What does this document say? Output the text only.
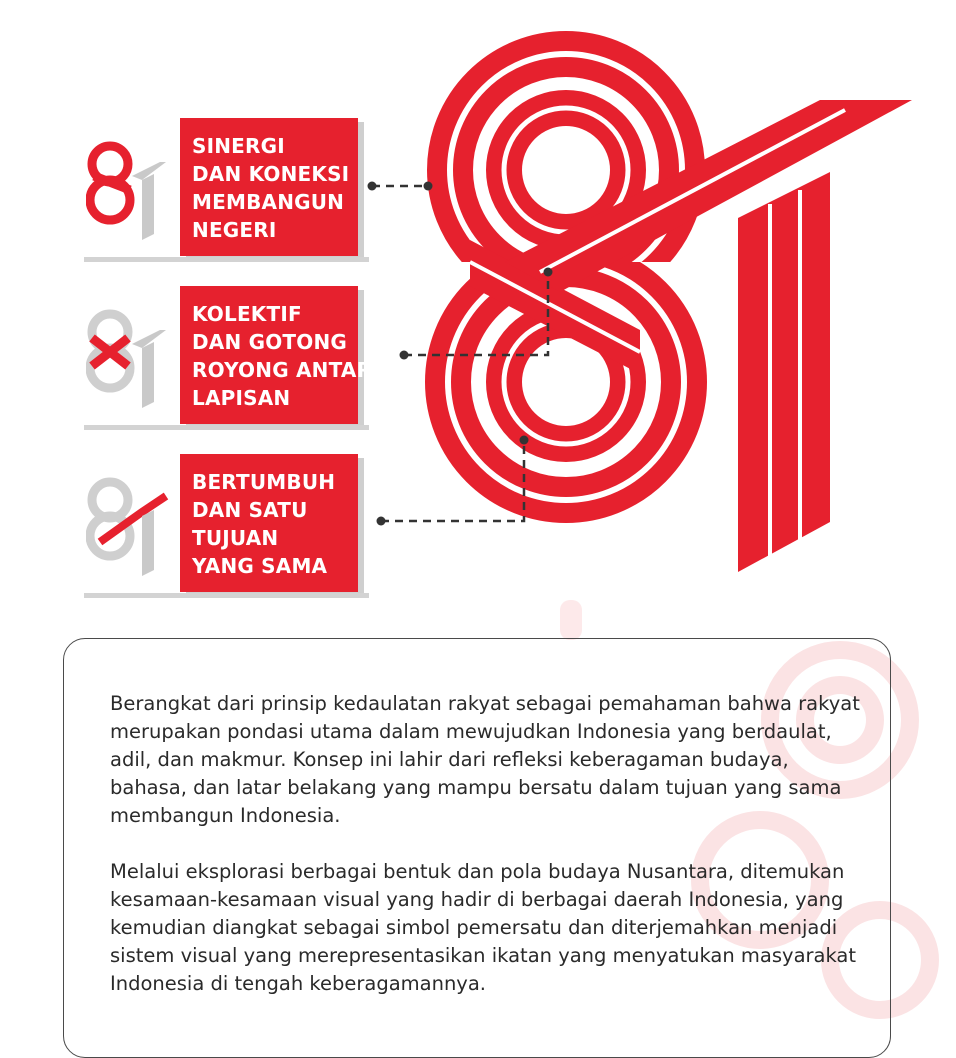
SINERGI
DAN KONEKSI
MEMBANGUN
NEGERI

KOLEKTIF
DAN GOTONG
ROYONG ANTAR
LAPISAN

BERTUMBUH
DAN SATU
TUJUAN
YANG SAMA

Berangkat dari prinsip kedaulatan rakyat sebagai pemahaman bahwa rakyat merupakan pondasi utama dalam mewujudkan Indonesia yang berdaulat, adil, dan makmur. Konsep ini lahir dari refleksi keberagaman budaya, bahasa, dan latar belakang yang mampu bersatu dalam tujuan yang sama membangun Indonesia.

Melalui eksplorasi berbagai bentuk dan pola budaya Nusantara, ditemukan kesamaan-kesamaan visual yang hadir di berbagai daerah Indonesia, yang kemudian diangkat sebagai simbol pemersatu dan diterjemahkan menjadi sistem visual yang merepresentasikan ikatan yang menyatukan masyarakat Indonesia di tengah keberagamannya.
